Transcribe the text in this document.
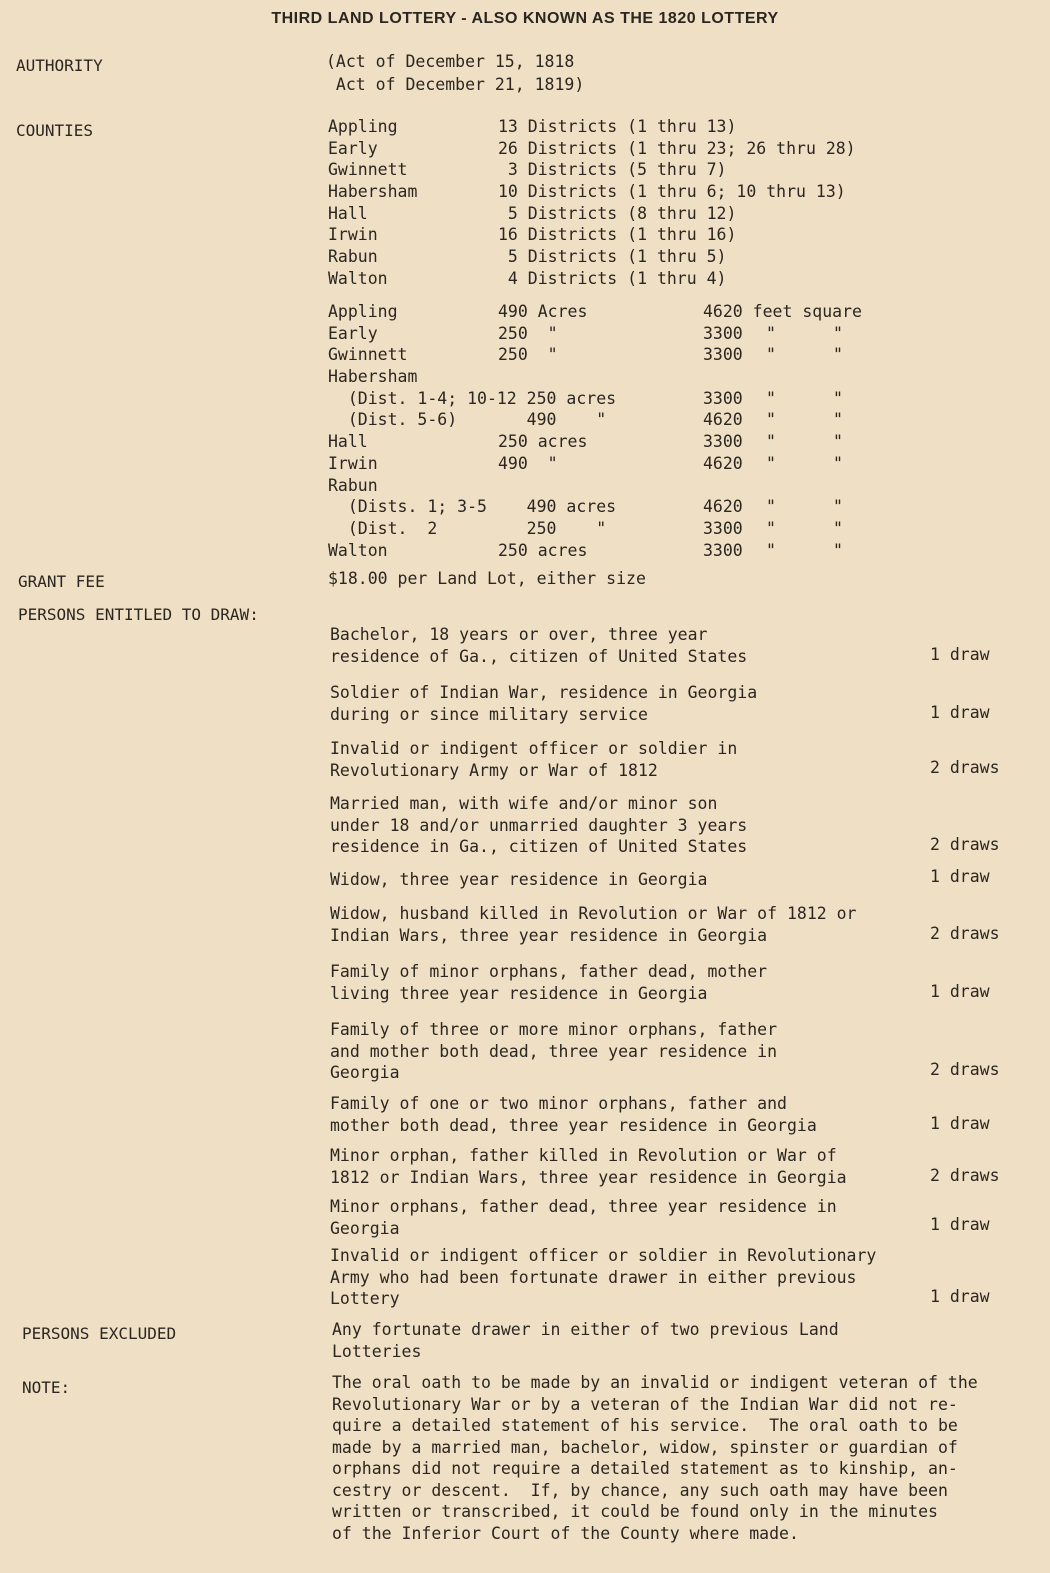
THIRD LAND LOTTERY - ALSO KNOWN AS THE 1820 LOTTERY
AUTHORITY	(Act of December 15, 1818
Act of December 21, 1819)
COUNTIES	Appling	13 Districts (1 thru 13)
Early	26 Districts (1 thru 23; 26 thru 28)
Gwinnett	3 Districts (5 thru 7)
Habersham	10 Districts (1 thru 6; 10 thru 13)
Hall	5 Districts (8 thru 12)
Irwin	16 Districts (1 thru 16)
Rabun	5 Districts (1 thru 5)
Walton	4 Districts (1 thru 4)
Appling	490 Acres	4620 feet square
Early	250  "	3300 "	"
Gwinnett	250  "	3300 "	"
Habersham
(Dist. 1-4; 10-12 250 acres	3300 "	"
(Dist. 5-6)       490    "	4620 "	"
Hall	250 acres	3300 "	"
Irwin	490  "	4620 "	"
Rabun
(Dists. 1; 3-5    490 acres	4620 "	"
(Dist.  2         250    "	3300 "	"
Walton	250 acres	3300 "	"
GRANT FEE	$18.00 per Land Lot, either size
PERSONS ENTITLED TO DRAW:
Bachelor, 18 years or over, three year
residence of Ga., citizen of United States	1 draw
Soldier of Indian War, residence in Georgia
during or since military service	1 draw
Invalid or indigent officer or soldier in
Revolutionary Army or War of 1812	2 draws
Married man, with wife and/or minor son
under 18 and/or unmarried daughter 3 years
residence in Ga., citizen of United States	2 draws
Widow, three year residence in Georgia	1 draw
Widow, husband killed in Revolution or War of 1812 or
Indian Wars, three year residence in Georgia	2 draws
Family of minor orphans, father dead, mother
living three year residence in Georgia	1 draw
Family of three or more minor orphans, father
and mother both dead, three year residence in
Georgia	2 draws
Family of one or two minor orphans, father and
mother both dead, three year residence in Georgia	1 draw
Minor orphan, father killed in Revolution or War of
1812 or Indian Wars, three year residence in Georgia	2 draws
Minor orphans, father dead, three year residence in
Georgia	1 draw
Invalid or indigent officer or soldier in Revolutionary
Army who had been fortunate drawer in either previous
Lottery	1 draw
PERSONS EXCLUDED	Any fortunate drawer in either of two previous Land
Lotteries
NOTE:	The oral oath to be made by an invalid or indigent veteran of the
Revolutionary War or by a veteran of the Indian War did not re-
quire a detailed statement of his service.  The oral oath to be
made by a married man, bachelor, widow, spinster or guardian of
orphans did not require a detailed statement as to kinship, an-
cestry or descent.  If, by chance, any such oath may have been
written or transcribed, it could be found only in the minutes
of the Inferior Court of the County where made.
